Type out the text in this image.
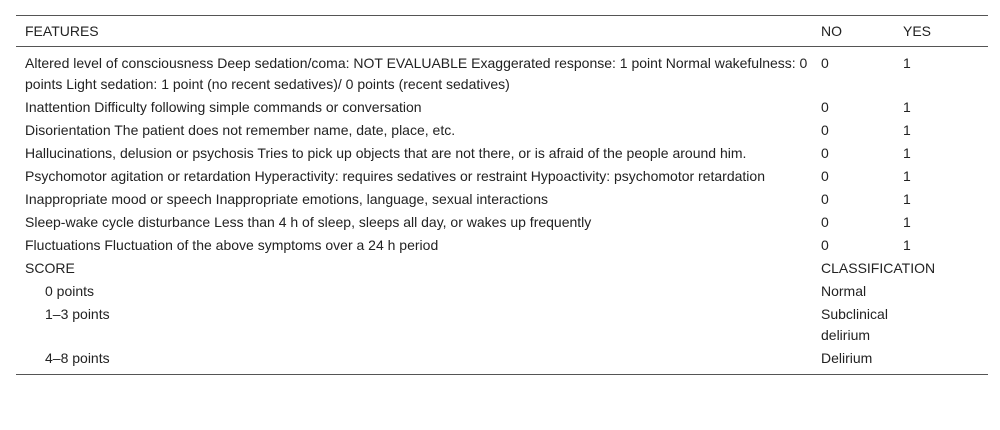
FEATURES	NO	YES
Altered level of consciousness Deep sedation/coma: NOT EVALUABLE Exaggerated response: 1 point Normal wakefulness: 0 points Light sedation: 1 point (no recent sedatives)/ 0 points (recent sedatives)	0	1
Inattention Difficulty following simple commands or conversation	0	1
Disorientation The patient does not remember name, date, place, etc.	0	1
Hallucinations, delusion or psychosis Tries to pick up objects that are not there, or is afraid of the people around him.	0	1
Psychomotor agitation or retardation Hyperactivity: requires sedatives or restraint Hypoactivity: psychomotor retardation	0	1
Inappropriate mood or speech Inappropriate emotions, language, sexual interactions	0	1
Sleep-wake cycle disturbance Less than 4 h of sleep, sleeps all day, or wakes up frequently	0	1
Fluctuations Fluctuation of the above symptoms over a 24 h period	0	1
SCORE	CLASSIFICATION	
0 points	Normal	
1–3 points	Subclinical delirium	
4–8 points	Delirium	
